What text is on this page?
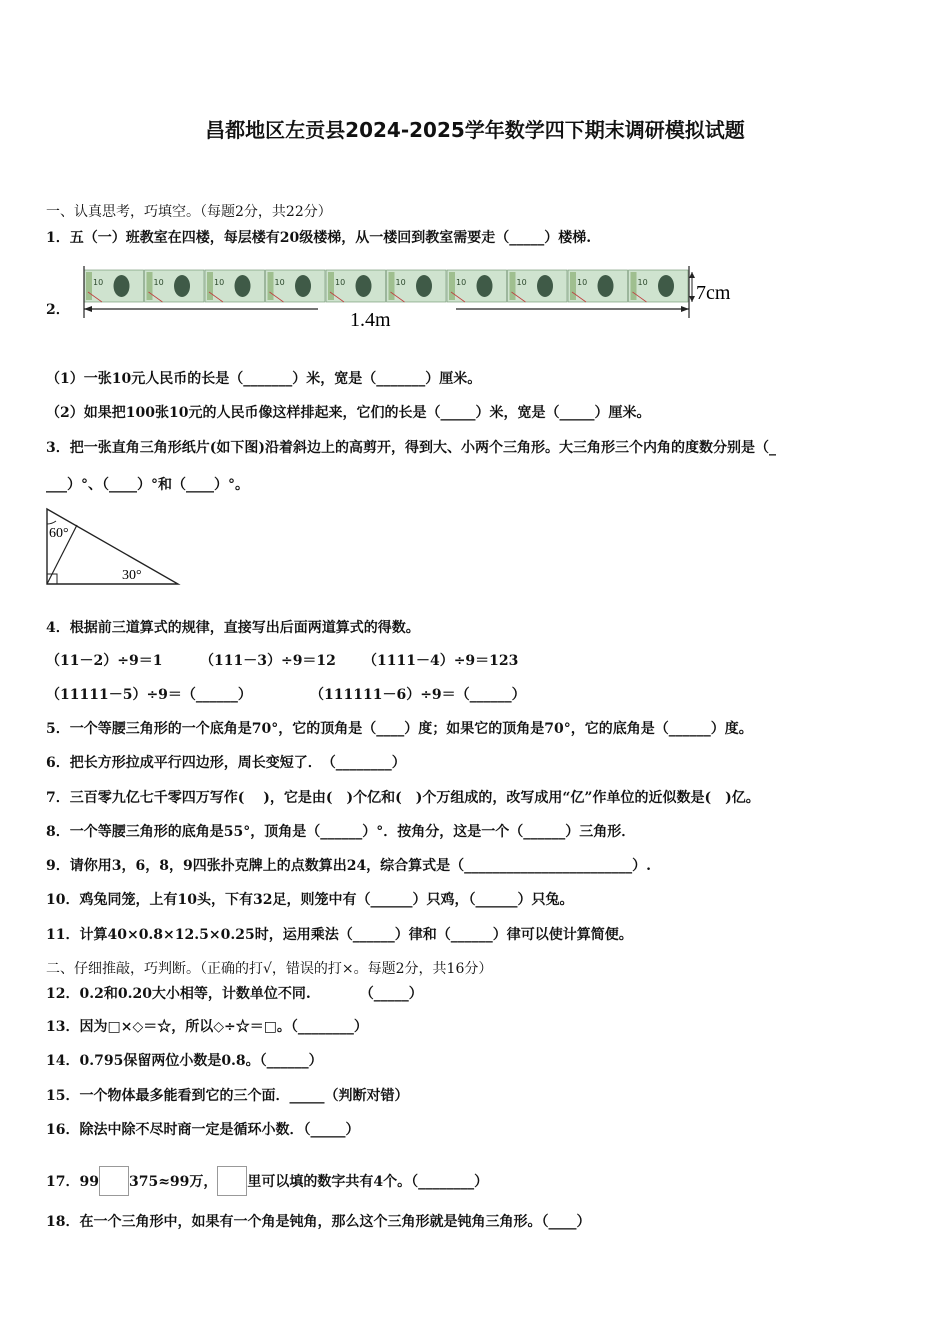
昌都地区左贡县2024-2025学年数学四下期末调研模拟试题
一、认真思考，巧填空。（每题2分，共22分）
1．五（一）班教室在四楼，每层楼有20级楼梯，从一楼回到教室需要走（_____）楼梯.
2．
10	10	10	10	10	10	10	10	10	10 7cm
1.4m
（1）一张10元人民币的长是（_______）米，宽是（_______）厘米。
（2）如果把100张10元的人民币像这样排起来，它们的长是（_____）米，宽是（_____）厘米。
3．把一张直角三角形纸片(如下图)沿着斜边上的高剪开，得到大、小两个三角形。大三角形三个内角的度数分别是（_
___）°、（____）°和（____）°。
60°
30°
4．根据前三道算式的规律，直接写出后面两道算式的得数。
（11－2）÷9＝1	（111－3）÷9＝12 （1111－4）÷9＝123
（11111－5）÷9＝（______）	（111111－6）÷9＝（______）
5．一个等腰三角形的一个底角是70°，它的顶角是（____）度；如果它的顶角是70°，它的底角是（______）度。
6．把长方形拉成平行四边形，周长变短了．　（________）
7．三百零九亿七千零四万写作(　 )，它是由(　)个亿和(　)个万组成的，改写成用“亿”作单位的近似数是(　)亿。
8．一个等腰三角形的底角是55°，顶角是（______）°．按角分，这是一个（______）三角形．
9．请你用3，6，8，9四张扑克牌上的点数算出24，综合算式是（________________________）.
10．鸡兔同笼，上有10头，下有32足，则笼中有（______）只鸡，（______）只兔。
11．计算40×0.8×12.5×0.25时，运用乘法（______）律和（______）律可以使计算简便。
二、仔细推敲，巧判断。（正确的打√，错误的打×。每题2分，共16分）
12．0.2和0.20大小相等，计数单位不同.　　　　（_____）
13．因为□×◇＝☆，所以◇÷☆＝□。（________）
14．0.795保留两位小数是0.8。（______）
15．一个物体最多能看到它的三个面．_____（判断对错）
16．除法中除不尽时商一定是循环小数．（_____）
17．99 375≈99万， 里可以填的数字共有4个。（________）
18．在一个三角形中，如果有一个角是钝角，那么这个三角形就是钝角三角形。（____）
